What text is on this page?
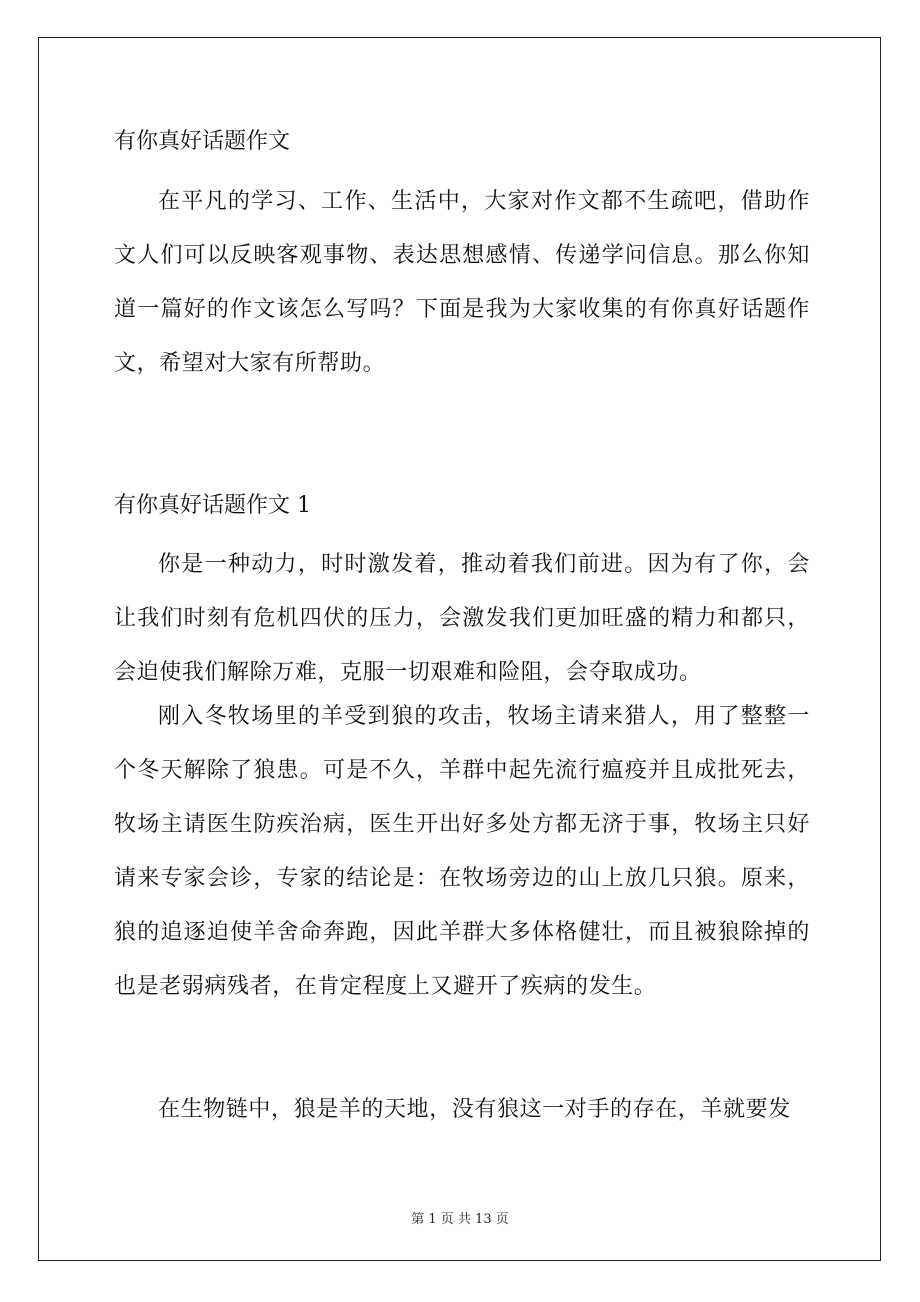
有你真好话题作文

在平凡的学习、工作、生活中，大家对作文都不生疏吧，借助作文人们可以反映客观事物、表达思想感情、传递学问信息。那么你知道一篇好的作文该怎么写吗？下面是我为大家收集的有你真好话题作文，希望对大家有所帮助。

有你真好话题作文 1

你是一种动力，时时激发着，推动着我们前进。因为有了你，会让我们时刻有危机四伏的压力，会激发我们更加旺盛的精力和都只，会迫使我们解除万难，克服一切艰难和险阻，会夺取成功。

刚入冬牧场里的羊受到狼的攻击，牧场主请来猎人，用了整整一个冬天解除了狼患。可是不久，羊群中起先流行瘟疫并且成批死去，牧场主请医生防疾治病，医生开出好多处方都无济于事，牧场主只好请来专家会诊，专家的结论是：在牧场旁边的山上放几只狼。原来，狼的追逐迫使羊舍命奔跑，因此羊群大多体格健壮，而且被狼除掉的也是老弱病残者，在肯定程度上又避开了疾病的发生。

在生物链中，狼是羊的天地，没有狼这一对手的存在，羊就要发

第 1 页 共 13 页
